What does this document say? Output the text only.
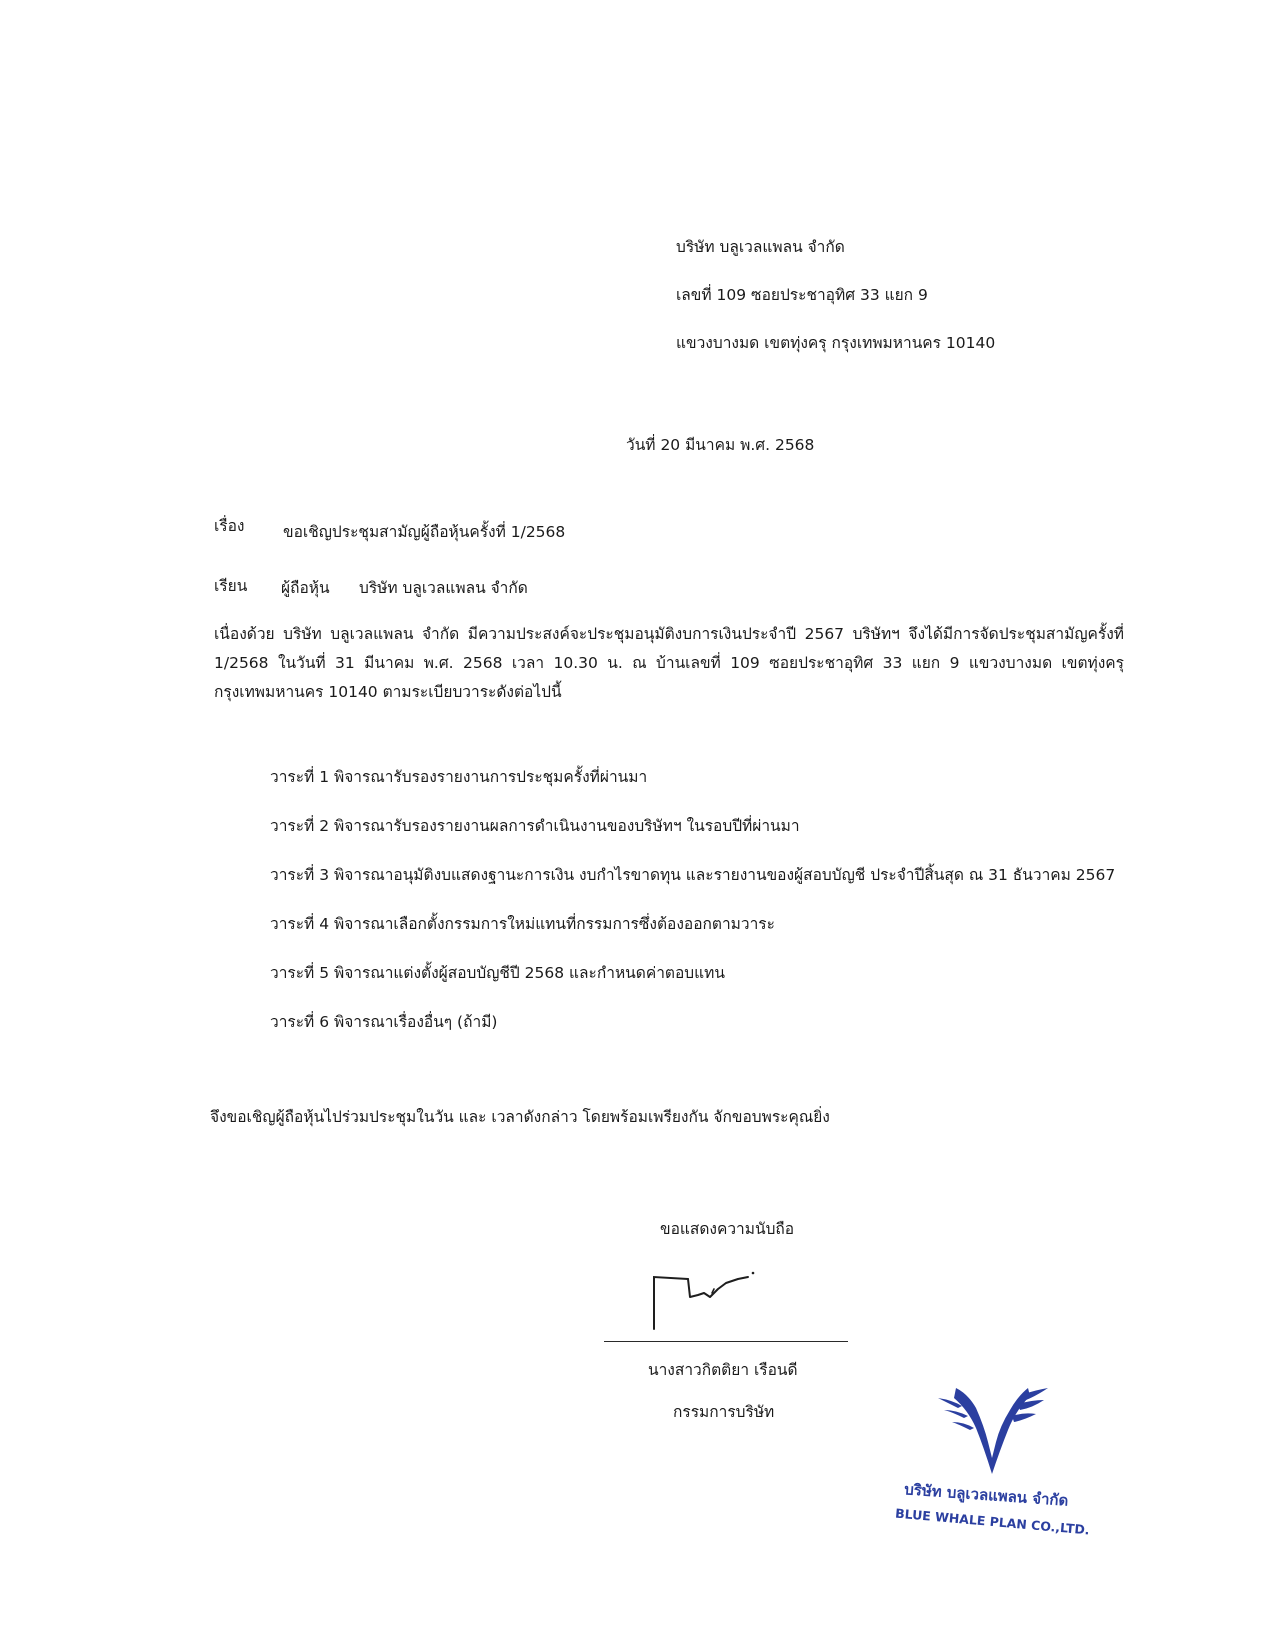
บริษัท บลูเวลแพลน จำกัด
เลขที่ 109 ซอยประชาอุทิศ 33 แยก 9
แขวงบางมด เขตทุ่งครุ กรุงเทพมหานคร 10140
วันที่ 20 มีนาคม พ.ศ. 2568
เรื่อง ขอเชิญประชุมสามัญผู้ถือหุ้นครั้งที่ 1/2568
เรียน ผู้ถือหุ้น บริษัท บลูเวลแพลน จำกัด
เนื่องด้วย บริษัท บลูเวลแพลน จำกัด มีความประสงค์จะประชุมอนุมัติงบการเงินประจำปี 2567 บริษัทฯ จึงได้มีการจัดประชุมสามัญครั้งที่ 1/2568 ในวันที่ 31 มีนาคม พ.ศ. 2568 เวลา 10.30 น. ณ บ้านเลขที่ 109 ซอยประชาอุทิศ 33 แยก 9 แขวงบางมด เขตทุ่งครุ กรุงเทพมหานคร 10140 ตามระเบียบวาระดังต่อไปนี้
วาระที่ 1 พิจารณารับรองรายงานการประชุมครั้งที่ผ่านมา
วาระที่ 2 พิจารณารับรองรายงานผลการดำเนินงานของบริษัทฯ ในรอบปีที่ผ่านมา
วาระที่ 3 พิจารณาอนุมัติงบแสดงฐานะการเงิน งบกำไรขาดทุน และรายงานของผู้สอบบัญชี ประจำปีสิ้นสุด ณ 31 ธันวาคม 2567
วาระที่ 4 พิจารณาเลือกตั้งกรรมการใหม่แทนที่กรรมการซึ่งต้องออกตามวาระ
วาระที่ 5 พิจารณาแต่งตั้งผู้สอบบัญชีปี 2568 และกำหนดค่าตอบแทน
วาระที่ 6 พิจารณาเรื่องอื่นๆ (ถ้ามี)
จึงขอเชิญผู้ถือหุ้นไปร่วมประชุมในวัน และ เวลาดังกล่าว โดยพร้อมเพรียงกัน จักขอบพระคุณยิ่ง
ขอแสดงความนับถือ
นางสาวกิตติยา เรือนดี
กรรมการบริษัท
บริษัท บลูเวลแพลน จำกัด
BLUE WHALE PLAN CO.,LTD.
